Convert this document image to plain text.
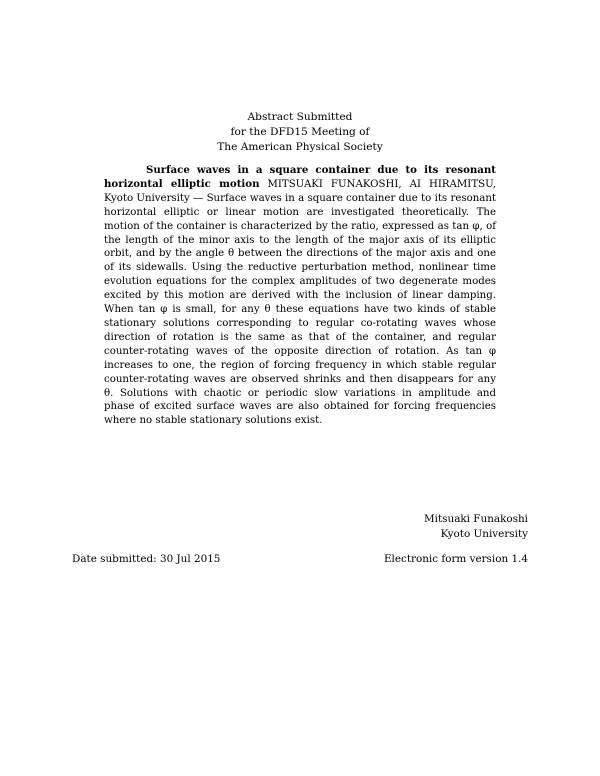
Abstract Submitted
for the DFD15 Meeting of
The American Physical Society
Surface waves in a square container due to its resonant horizontal elliptic motion MITSUAKI FUNAKOSHI, AI HIRAMITSU, Kyoto University — Surface waves in a square container due to its resonant horizontal elliptic or linear motion are investigated theoretically. The motion of the container is characterized by the ratio, expressed as tan φ, of the length of the minor axis to the length of the major axis of its elliptic orbit, and by the angle θ between the directions of the major axis and one of its sidewalls. Using the reductive perturbation method, nonlinear time evolution equations for the complex amplitudes of two degenerate modes excited by this motion are derived with the inclusion of linear damping. When tan φ is small, for any θ these equations have two kinds of stable stationary solutions corresponding to regular co-rotating waves whose direction of rotation is the same as that of the container, and regular counter-rotating waves of the opposite direction of rotation. As tan φ increases to one, the region of forcing frequency in which stable regular counter-rotating waves are observed shrinks and then disappears for any θ. Solutions with chaotic or periodic slow variations in amplitude and phase of excited surface waves are also obtained for forcing frequencies where no stable stationary solutions exist.
Mitsuaki Funakoshi
Kyoto University
Date submitted: 30 Jul 2015	Electronic form version 1.4
